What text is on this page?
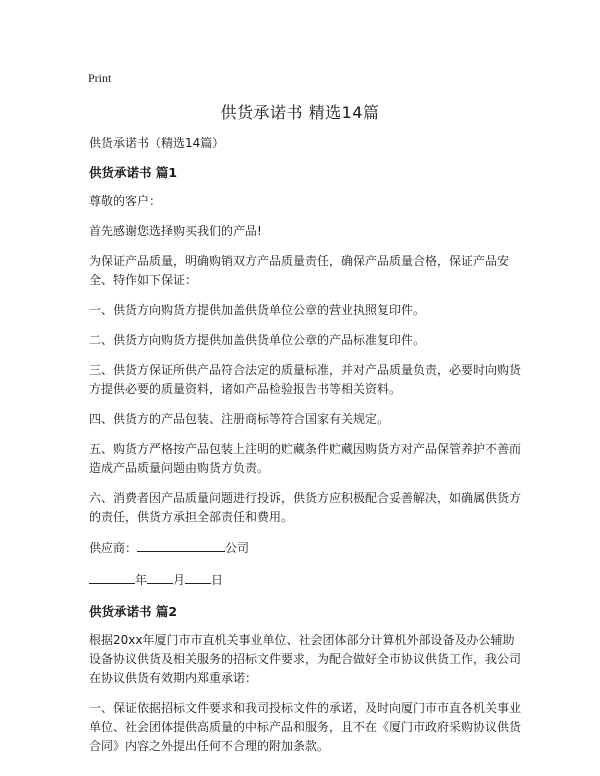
Print
供货承诺书 精选14篇

供货承诺书（精选14篇）

供货承诺书 篇1

尊敬的客户：

首先感谢您选择购买我们的产品!

为保证产品质量，明确购销双方产品质量责任，确保产品质量合格，保证产品安全、特作如下保证：

一、供货方向购货方提供加盖供货单位公章的营业执照复印件。

二、供货方向购货方提供加盖供货单位公章的产品标准复印件。

三、供货方保证所供产品符合法定的质量标准，并对产品质量负责，必要时向购货方提供必要的质量资料，诸如产品检验报告书等相关资料。

四、供货方的产品包装、注册商标等符合国家有关规定。

五、购货方严格按产品包装上注明的贮藏条件贮藏因购货方对产品保管养护不善而造成产品质量问题由购货方负责。

六、消费者因产品质量问题进行投诉，供货方应积极配合妥善解决，如确属供货方的责任，供货方承担全部责任和费用。

供应商：	公司

年 月 日

供货承诺书 篇2

根据20xx年厦门市市直机关事业单位、社会团体部分计算机外部设备及办公辅助设备协议供货及相关服务的招标文件要求，为配合做好全市协议供货工作，我公司在协议供货有效期内郑重承诺：

一、保证依据招标文件要求和我司投标文件的承诺，及时向厦门市市直各机关事业单位、社会团体提供高质量的中标产品和服务，且不在《厦门市政府采购协议供货合同》内容之外提出任何不合理的附加条款。
